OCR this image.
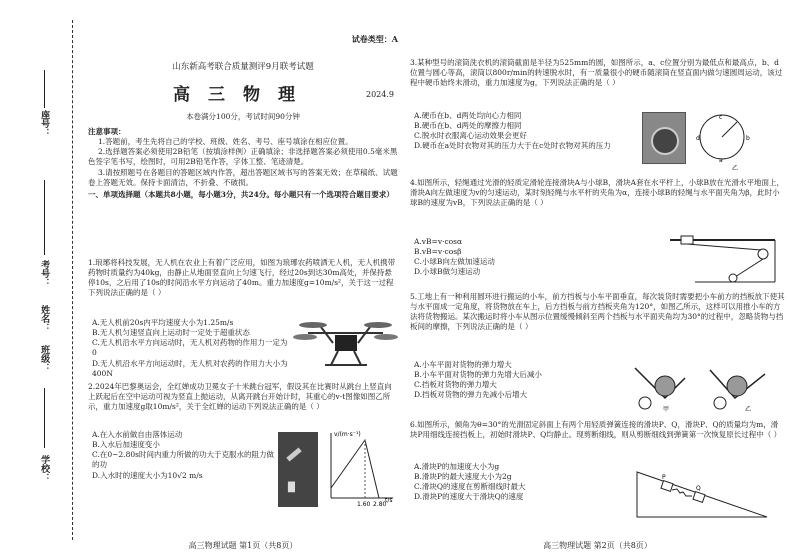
座号：
考号：
姓名：
班级：
学校：
试卷类型：A
山东新高考联合质量测评9月联考试题
高三物理	2024.9
本卷满分100分，考试时间90分钟

注意事项：

1.答题前，考生先将自己的学校、班级、姓名、考号、座号填涂在相应位置。

2.选择题答案必须使用2B铅笔（按填涂样例）正确填涂；非选择题答案必须使用0.5毫米黑色签字笔书写，绘图时，可用2B铅笔作答，字体工整、笔迹清楚。

3.请按照题号在各题目的答题区域内作答，超出答题区域书写的答案无效；在草稿纸、试题卷上答题无效。保持卡面清洁，不折叠、不破损。

一、单项选择题（本题共8小题，每小题3分，共24分。每小题只有一个选项符合题目要求）

1.琅琊将科技发展，无人机在农业上有着广泛应用，如图为琅琊农药喷洒无人机，无人机携带药物时质量约为40kg，由静止从地面竖直向上匀速飞行，经过20s到达30m高处，并保持悬停10s，之后用了10s的时间沿水平方向运动了40m。重力加速度g=10m/s²，关于这一过程下列说法正确的是（ ）

A.无人机前20s内平均速度大小为1.25m/s

B.无人机匀速竖直向上运动时一定处于超重状态

C.无人机沿水平方向运动时，无人机对药物的作用力一定为0

D.无人机沿水平方向运动时，无人机对农药的作用力大小为400N

2.2024年巴黎奥运会，全红婵成功卫冕女子十米跳台冠军，假设其在比赛时从跳台上竖直向上跃起后在空中运动可视为竖直上抛运动，从离开跳台开始计时，其重心的v-t图像如图乙所示，重力加速度g取10m/s²，关于全红婵的运动下列说法正确的是（ ）

A.在入水前做自由落体运动

B.入水后加速度变小

C.在0~2.80s时间内重力所做的功大于克服水的阻力做的功

D.入水时的速度大小为10√2 m/s

█
v/(m·s⁻¹)
1.60 2.80
t/s
高三物理试题 第1页（共8页）

3.某种型号的滚筒洗衣机的滚筒截面是半径为525mm的圆，如图所示，a、c位置分别为最低点和最高点，b、d位置与圆心等高，滚筒以800r/min的转速脱水时，有一质量很小的硬币随滚筒在竖直面内做匀速圆周运动，该过程中硬币始终未滑动，重力加速度为g，下列说法正确的是（ ）

A.硬币在b、d两处均向心力相同

B.硬币在b、d两处的摩擦力相同

C.脱水时衣服离心运动效果会更好

D.硬币在a处时衣物对其的压力大于在c处时衣物对其的压力

c
a
d	b
乙

4.如图所示，轻绳通过光滑的轻质定滑轮连接滑块A与小球B，滑块A套在水平杆上，小球B放在光滑水平地面上，滑块A向左做速度为v的匀速运动，某时刻轻绳与水平杆的夹角为α，连接小球B的轻绳与水平面夹角为β，此时小球B的速度为vB，下列说法正确的是（ ）

A.vB=v·cosα

B.vB=v·cosβ

C.小球B向左做加速运动

D.小球B做匀速运动

5.工地上有一种利用圆环进行搬运的小车，前方挡板与小车平面垂直，每次装货时需要把小车前方的挡板放下使其与水平面成一定角度，将货物放在车上，后方挡板与前方挡板夹角为120°，如图乙所示，这样可以用推小车的方法将货物搬运。某次搬运时将小车从图示位置缓慢倾斜至两个挡板与水平面夹角均为30°的过程中，忽略货物与挡板间的摩擦，下列说法正确的是（ ）

A.小车平面对货物的弹力增大

B.小车平面对货物的弹力先增大后减小

C.挡板对货物的弹力增大

D.挡板对货物的弹力先减小后增大

甲	乙

6.如图所示，倾角为θ=30°的光滑固定斜面上有两个用轻质弹簧连接的滑块P、Q，滑块P、Q的质量均为m，滑块P用细线连接挡板上，初始时滑块P、Q均静止。现剪断细线，则从剪断细线到弹簧第一次恢复原长过程中（ ）

A.滑块P的加速度大小为g

B.滑块P的最大速度大小为2g

C.滑块Q的速度在剪断细线时最大

D.滑块P的速度大于滑块Q的速度

P
Q
高三物理试题 第2页（共8页）
